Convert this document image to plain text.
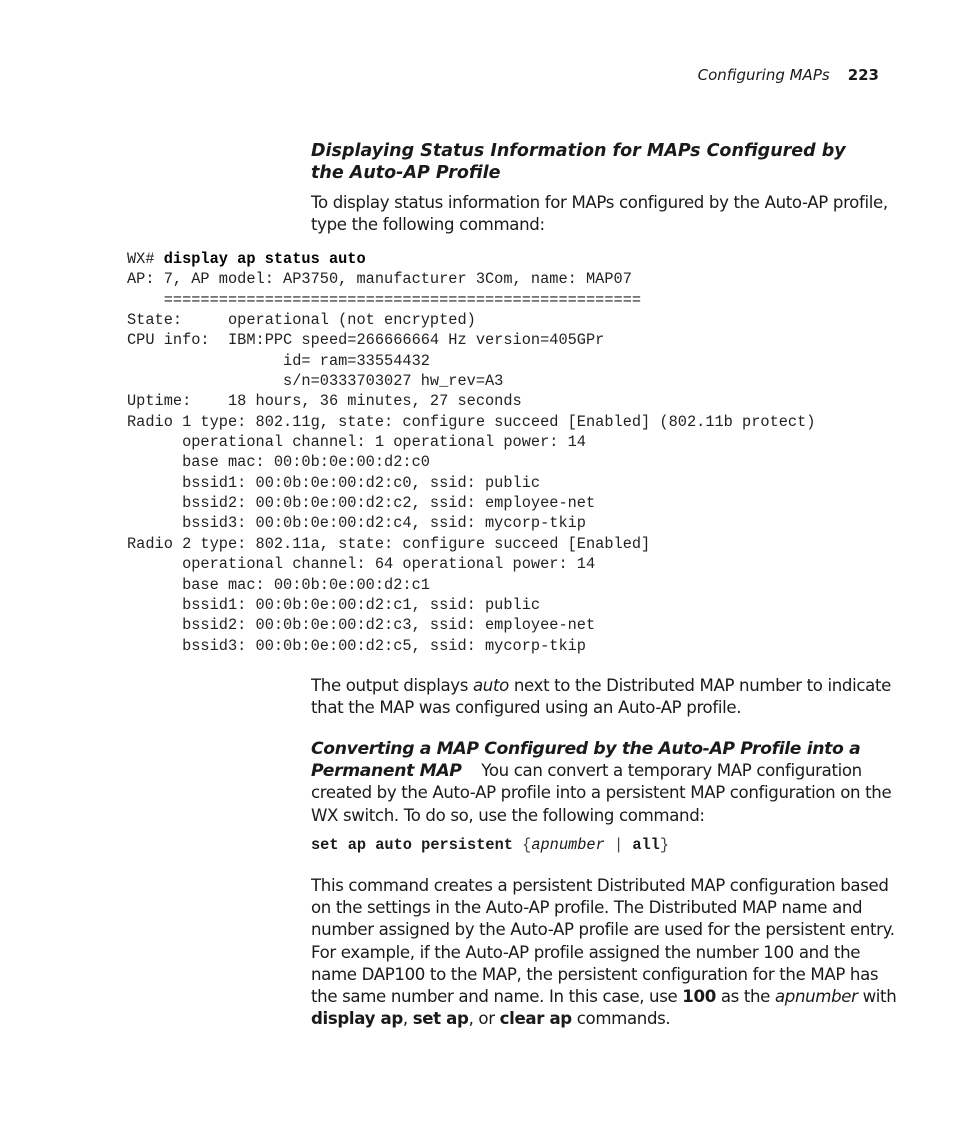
Configuring MAPs 223
Displaying Status Information for MAPs Configured by the Auto-AP Profile
To display status information for MAPs configured by the Auto-AP profile, type the following command:
WX# display ap status auto
AP: 7, AP model: AP3750, manufacturer 3Com, name: MAP07
====================================================
State:     operational (not encrypted)
CPU info:  IBM:PPC speed=266666664 Hz version=405GPr
id= ram=33554432
s/n=0333703027 hw_rev=A3
Uptime:    18 hours, 36 minutes, 27 seconds
Radio 1 type: 802.11g, state: configure succeed [Enabled] (802.11b protect)
operational channel: 1 operational power: 14
base mac: 00:0b:0e:00:d2:c0
bssid1: 00:0b:0e:00:d2:c0, ssid: public
bssid2: 00:0b:0e:00:d2:c2, ssid: employee-net
bssid3: 00:0b:0e:00:d2:c4, ssid: mycorp-tkip
Radio 2 type: 802.11a, state: configure succeed [Enabled]
operational channel: 64 operational power: 14
base mac: 00:0b:0e:00:d2:c1
bssid1: 00:0b:0e:00:d2:c1, ssid: public
bssid2: 00:0b:0e:00:d2:c3, ssid: employee-net
bssid3: 00:0b:0e:00:d2:c5, ssid: mycorp-tkip
The output displays auto next to the Distributed MAP number to indicate that the MAP was configured using an Auto-AP profile.
Converting a MAP Configured by the Auto-AP Profile into a Permanent MAP You can convert a temporary MAP configuration created by the Auto-AP profile into a persistent MAP configuration on the WX switch. To do so, use the following command:
set ap auto persistent {apnumber | all}
This command creates a persistent Distributed MAP configuration based on the settings in the Auto-AP profile. The Distributed MAP name and number assigned by the Auto-AP profile are used for the persistent entry. For example, if the Auto-AP profile assigned the number 100 and the name DAP100 to the MAP, the persistent configuration for the MAP has the same number and name. In this case, use 100 as the apnumber with display ap, set ap, or clear ap commands.
